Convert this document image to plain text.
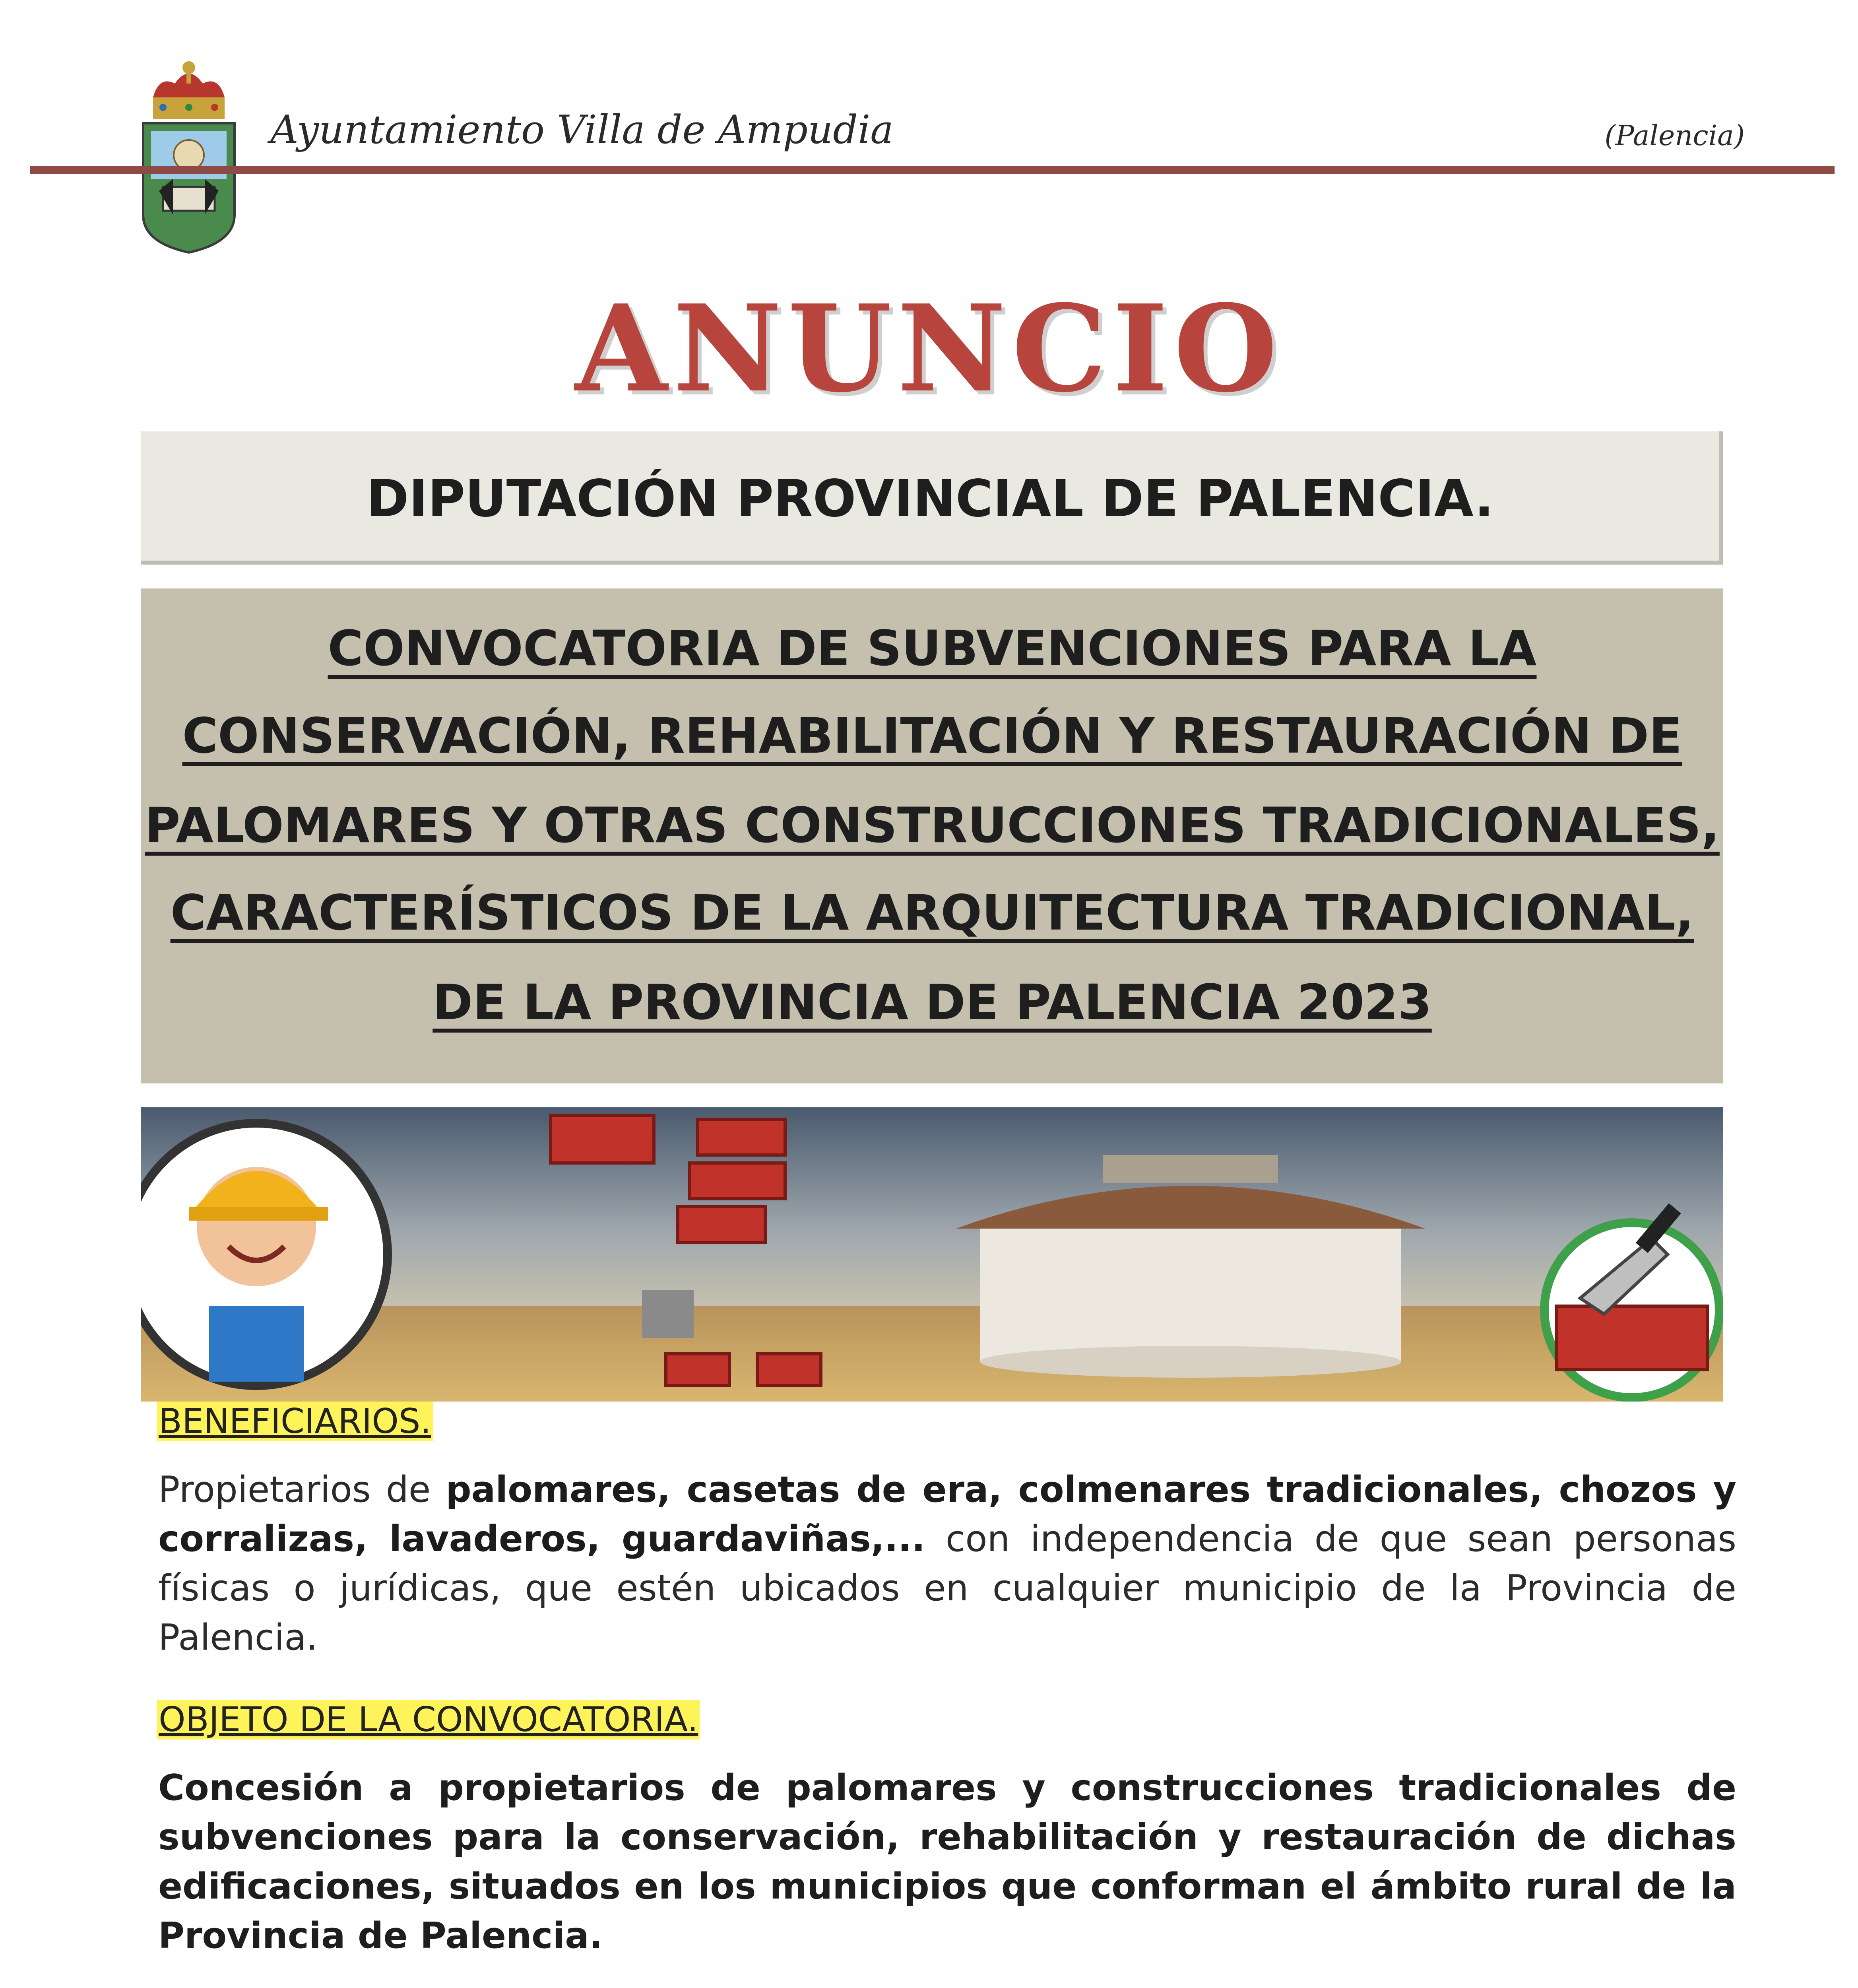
Ayuntamiento Villa de Ampudia	(Palencia)
ANUNCIO
DIPUTACIÓN PROVINCIAL DE PALENCIA.
CONVOCATORIA DE SUBVENCIONES PARA LA
CONSERVACIÓN, REHABILITACIÓN Y RESTAURACIÓN DE
PALOMARES Y OTRAS CONSTRUCCIONES TRADICIONALES,
CARACTERÍSTICOS DE LA ARQUITECTURA TRADICIONAL,
DE LA PROVINCIA DE PALENCIA 2023
BENEFICIARIOS.
Propietarios de palomares, casetas de era, colmenares tradicionales, chozos y corralizas, lavaderos, guardaviñas,... con independencia de que sean personas físicas o jurídicas, que estén ubicados en cualquier municipio de la Provincia de Palencia.
OBJETO DE LA CONVOCATORIA.
Concesión a propietarios de palomares y construcciones tradicionales de subvenciones para la conservación, rehabilitación y restauración de dichas edificaciones, situados en los municipios que conforman el ámbito rural de la Provincia de Palencia.
